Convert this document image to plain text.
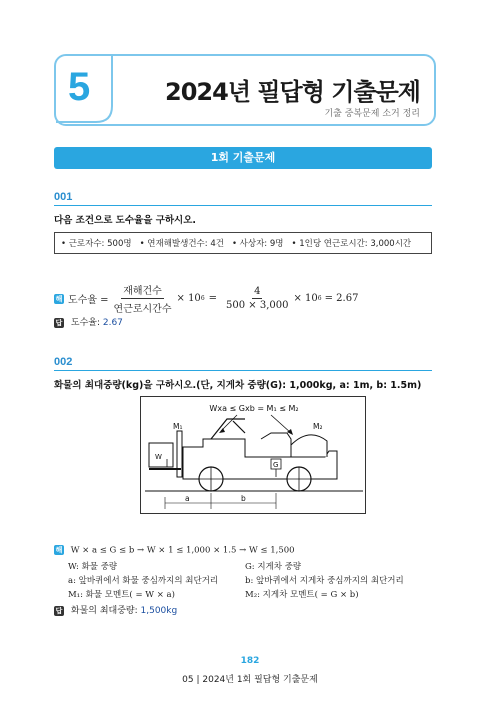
5	2024년 필답형 기출문제
기출 중복문제 소거 정리
1회 기출문제
001
다음 조건으로 도수율을 구하시오.
• 근로자수: 500명 • 연재해발생건수: 4건 • 사상자: 9명 • 1인당 연근로시간: 3,000시간
해 도수율 = $\frac{\text{재해건수}}{\text{연근로시간수}} \times 10$ $6 = \frac{4}{500 \times 3,000} \times 10$ 6 = 2.67
답 도수율: 2.67
002
화물의 최대중량(kg)을 구하시오.(단, 지게차 중량(G): 1,000kg, a: 1m, b: 1.5m)
Wxa ≤ Gxb = M₁ ≤ M₂
M₁	M₂
W
G
a	b
해 W × a ≤ G ≤ b → W × 1 ≤ 1,000 × 1.5 → W ≤ 1,500
W: 화물 중량	G: 지게차 중량
a: 앞바퀴에서 화물 중심까지의 최단거리	b: 앞바퀴에서 지게차 중심까지의 최단거리
M₁: 화물 모멘트( = W × a)	M₂: 지게차 모멘트( = G × b)
답 화물의 최대중량: 1,500kg
182
05 | 2024년 1회 필답형 기출문제
